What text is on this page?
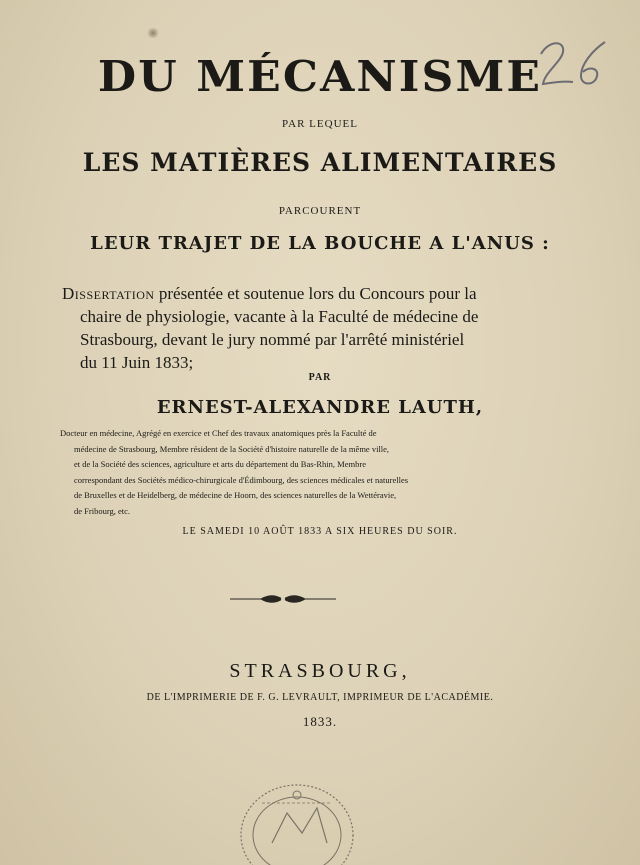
DU MÉCANISME
PAR LEQUEL
LES MATIÈRES ALIMENTAIRES
PARCOURENT
LEUR TRAJET DE LA BOUCHE A L'ANUS :
Dissertation présentée et soutenue lors du Concours pour la
chaire de physiologie, vacante à la Faculté de médecine de
Strasbourg, devant le jury nommé par l'arrêté ministériel
du 11 Juin 1833;
PAR
ERNEST-ALEXANDRE LAUTH,
Docteur en médecine, Agrégé en exercice et Chef des travaux anatomiques près la Faculté de
médecine de Strasbourg, Membre résident de la Société d'histoire naturelle de la même ville,
et de la Société des sciences, agriculture et arts du département du Bas-Rhin, Membre
correspondant des Sociétés médico-chirurgicale d'Édimbourg, des sciences médicales et naturelles
de Bruxelles et de Heidelberg, de médecine de Hoorn, des sciences naturelles de la Wettéravie,
de Fribourg, etc.
LE SAMEDI 10 AOÛT 1833 A SIX HEURES DU SOIR.
STRASBOURG,
DE L'IMPRIMERIE DE F. G. LEVRAULT, IMPRIMEUR DE L'ACADÉMIE.
1833.
